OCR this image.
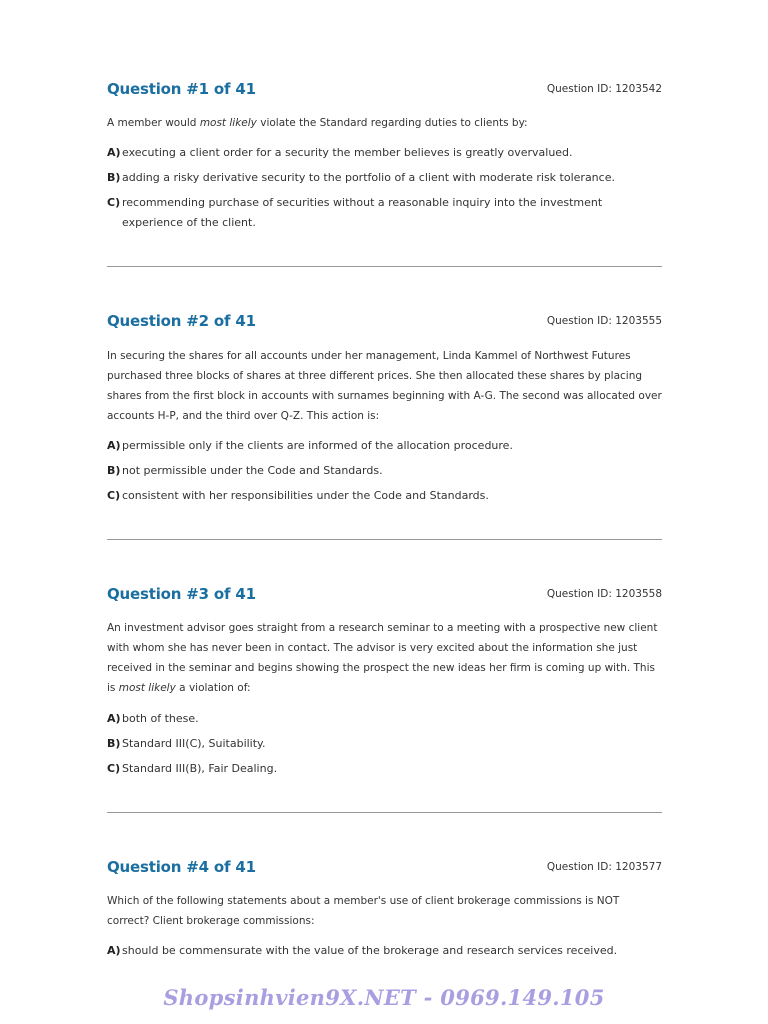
Question #1 of 41	Question ID: 1203542

A member would most likely violate the Standard regarding duties to clients by:

A) executing a client order for a security the member believes is greatly overvalued.
B) adding a risky derivative security to the portfolio of a client with moderate risk tolerance.
C) recommending purchase of securities without a reasonable inquiry into the investment experience of the client.
Question #2 of 41	Question ID: 1203555

In securing the shares for all accounts under her management, Linda Kammel of Northwest Futures purchased three blocks of shares at three different prices. She then allocated these shares by placing shares from the first block in accounts with surnames beginning with A-G. The second was allocated over accounts H-P, and the third over Q-Z. This action is:

A) permissible only if the clients are informed of the allocation procedure.
B) not permissible under the Code and Standards.
C) consistent with her responsibilities under the Code and Standards.
Question #3 of 41	Question ID: 1203558

An investment advisor goes straight from a research seminar to a meeting with a prospective new client with whom she has never been in contact. The advisor is very excited about the information she just received in the seminar and begins showing the prospect the new ideas her firm is coming up with. This is most likely a violation of:

A) both of these.
B) Standard III(C), Suitability.
C) Standard III(B), Fair Dealing.
Question #4 of 41	Question ID: 1203577

Which of the following statements about a member's use of client brokerage commissions is NOT correct? Client brokerage commissions:

A) should be commensurate with the value of the brokerage and research services received.
Shopsinhvien9X.NET - 0969.149.105
